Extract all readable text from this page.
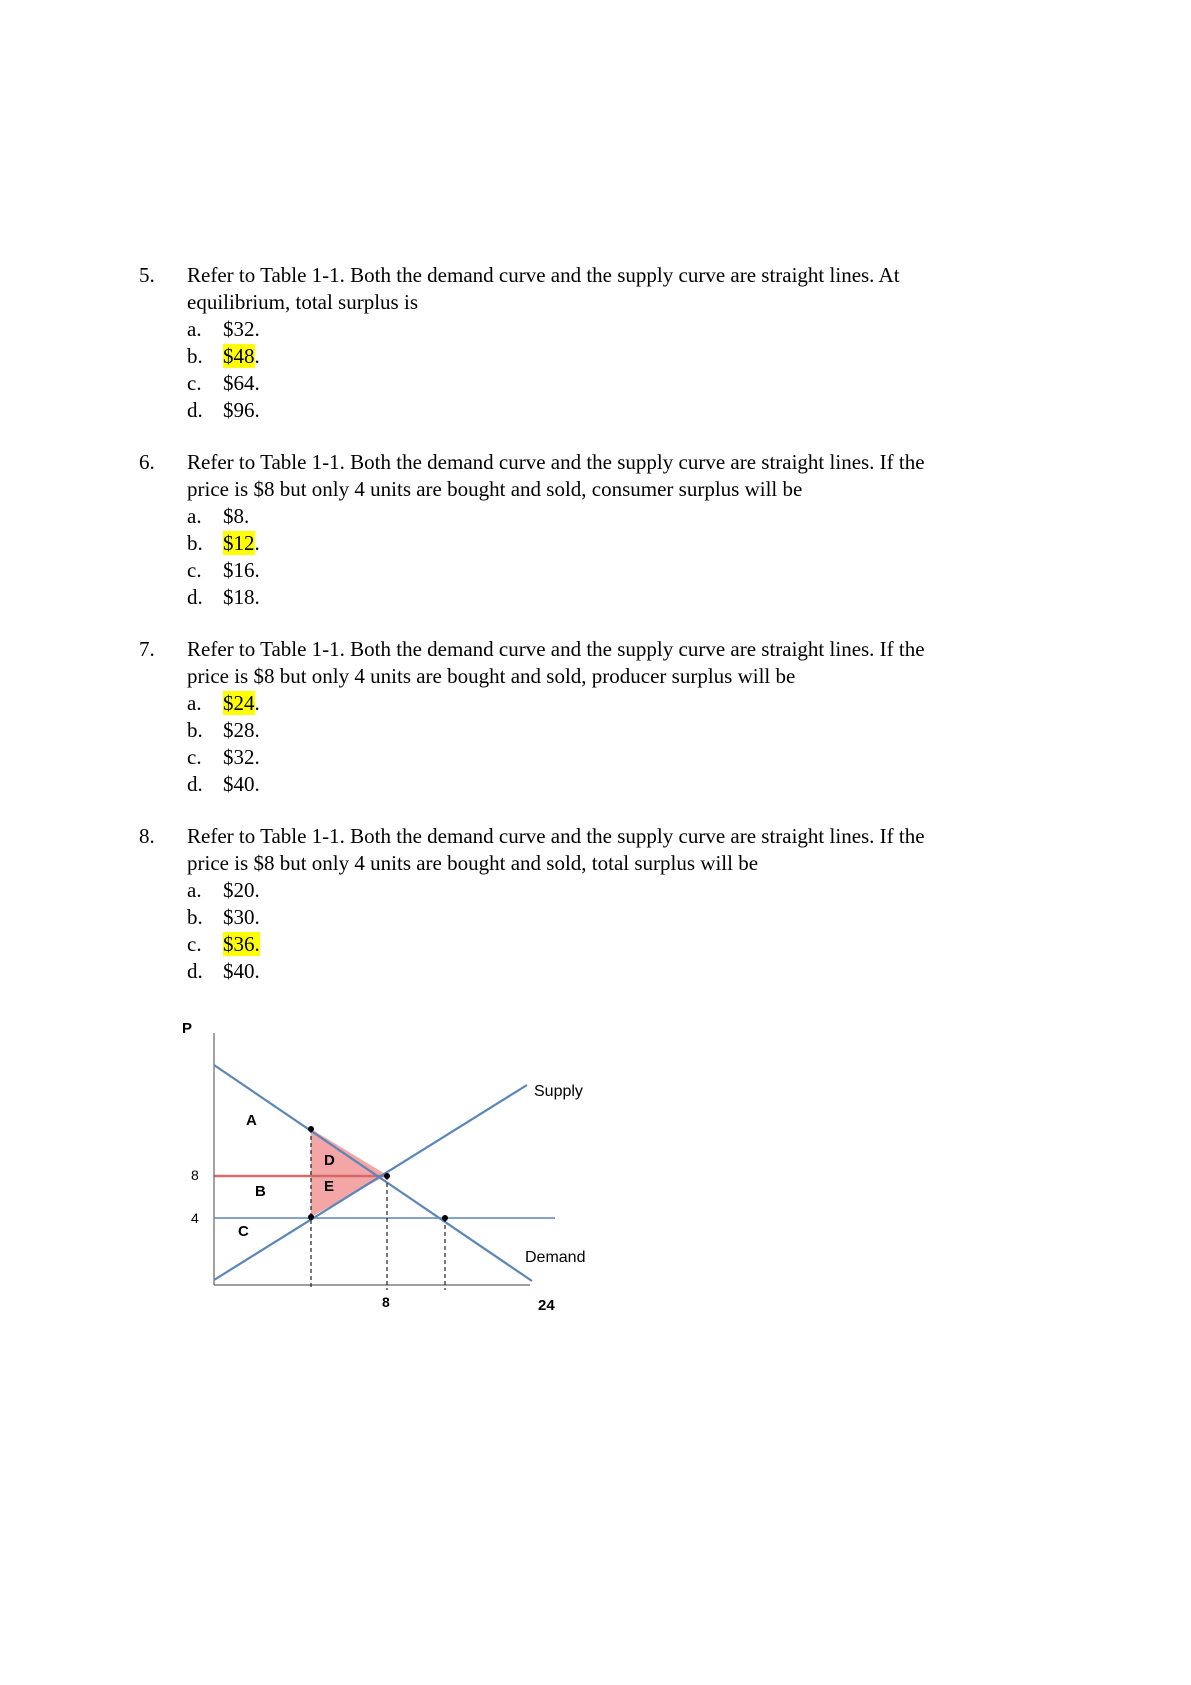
5. Refer to Table 1-1. Both the demand curve and the supply curve are straight lines. At
equilibrium, total surplus is
a. $32.
b. $48.
c. $64.
d. $96.
6. Refer to Table 1-1. Both the demand curve and the supply curve are straight lines. If the
price is $8 but only 4 units are bought and sold, consumer surplus will be
a. $8.
b. $12.
c. $16.
d. $18.
7. Refer to Table 1-1. Both the demand curve and the supply curve are straight lines. If the
price is $8 but only 4 units are bought and sold, producer surplus will be
a. $24.
b. $28.
c. $32.
d. $40.
8. Refer to Table 1-1. Both the demand curve and the supply curve are straight lines. If the
price is $8 but only 4 units are bought and sold, total surplus will be
a. $20.
b. $30.
c. $36.
d. $40.
P
Supply
Demand
A
B
C
D
E
8
4
8	24
